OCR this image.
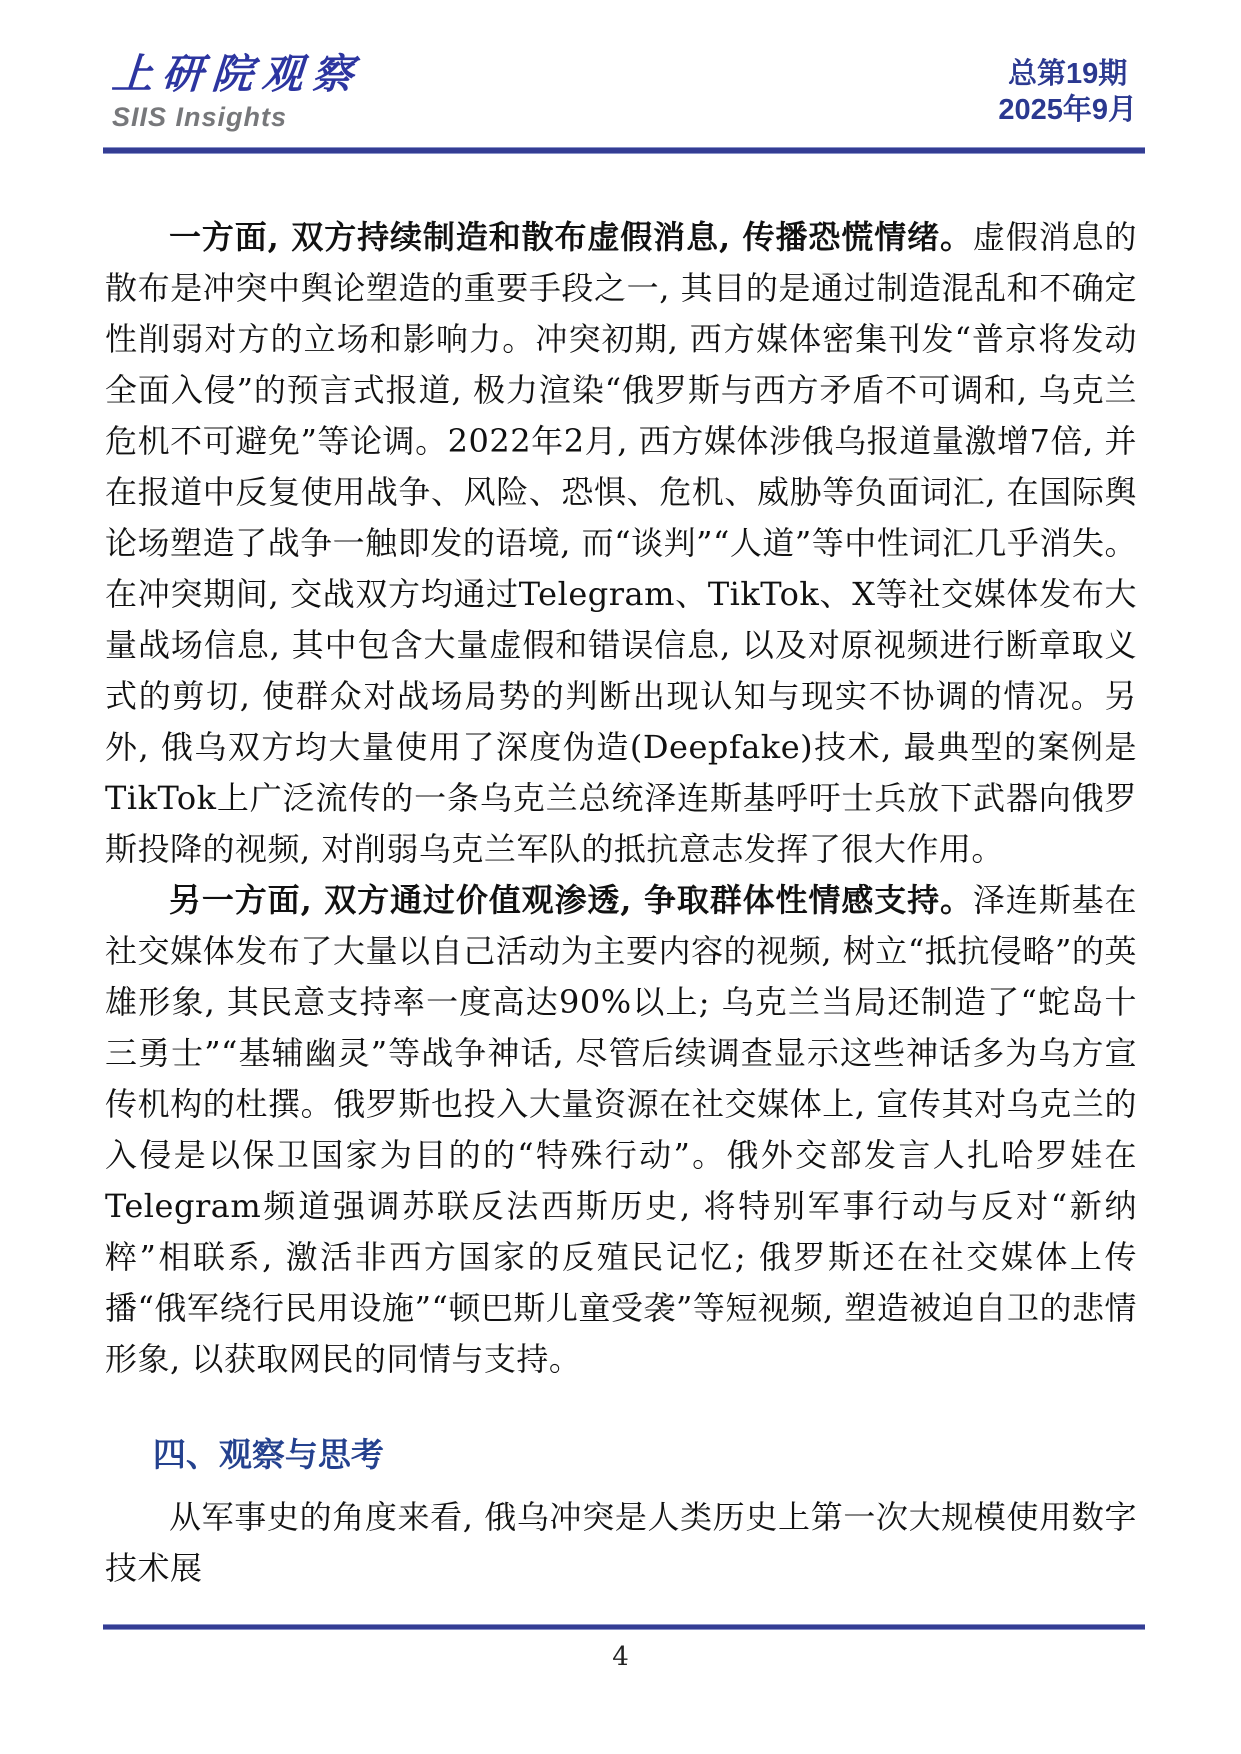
上研院观察
SIIS Insights
总第19期
2025年9月

一方面, 双方持续制造和散布虚假消息, 传播恐慌情绪。虚假消息的散布是冲突中舆论塑造的重要手段之一, 其目的是通过制造混乱和不确定性削弱对方的立场和影响力。冲突初期, 西方媒体密集刊发“普京将发动全面入侵”的预言式报道, 极力渲染“俄罗斯与西方矛盾不可调和, 乌克兰危机不可避免”等论调。2022年2月, 西方媒体涉俄乌报道量激增7倍, 并在报道中反复使用战争、风险、恐惧、危机、威胁等负面词汇, 在国际舆论场塑造了战争一触即发的语境, 而“谈判”“人道”等中性词汇几乎消失。在冲突期间, 交战双方均通过Telegram、TikTok、X等社交媒体发布大量战场信息, 其中包含大量虚假和错误信息, 以及对原视频进行断章取义式的剪切, 使群众对战场局势的判断出现认知与现实不协调的情况。另外, 俄乌双方均大量使用了深度伪造(Deepfake)技术, 最典型的案例是TikTok上广泛流传的一条乌克兰总统泽连斯基呼吁士兵放下武器向俄罗斯投降的视频, 对削弱乌克兰军队的抵抗意志发挥了很大作用。

另一方面, 双方通过价值观渗透, 争取群体性情感支持。泽连斯基在社交媒体发布了大量以自己活动为主要内容的视频, 树立“抵抗侵略”的英雄形象, 其民意支持率一度高达90%以上; 乌克兰当局还制造了“蛇岛十三勇士”“基辅幽灵”等战争神话, 尽管后续调查显示这些神话多为乌方宣传机构的杜撰。俄罗斯也投入大量资源在社交媒体上, 宣传其对乌克兰的入侵是以保卫国家为目的的“特殊行动”。俄外交部发言人扎哈罗娃在Telegram频道强调苏联反法西斯历史, 将特别军事行动与反对“新纳粹”相联系, 激活非西方国家的反殖民记忆; 俄罗斯还在社交媒体上传播“俄军绕行民用设施”“顿巴斯儿童受袭”等短视频, 塑造被迫自卫的悲情形象, 以获取网民的同情与支持。

四、观察与思考

从军事史的角度来看, 俄乌冲突是人类历史上第一次大规模使用数字技术展

4
